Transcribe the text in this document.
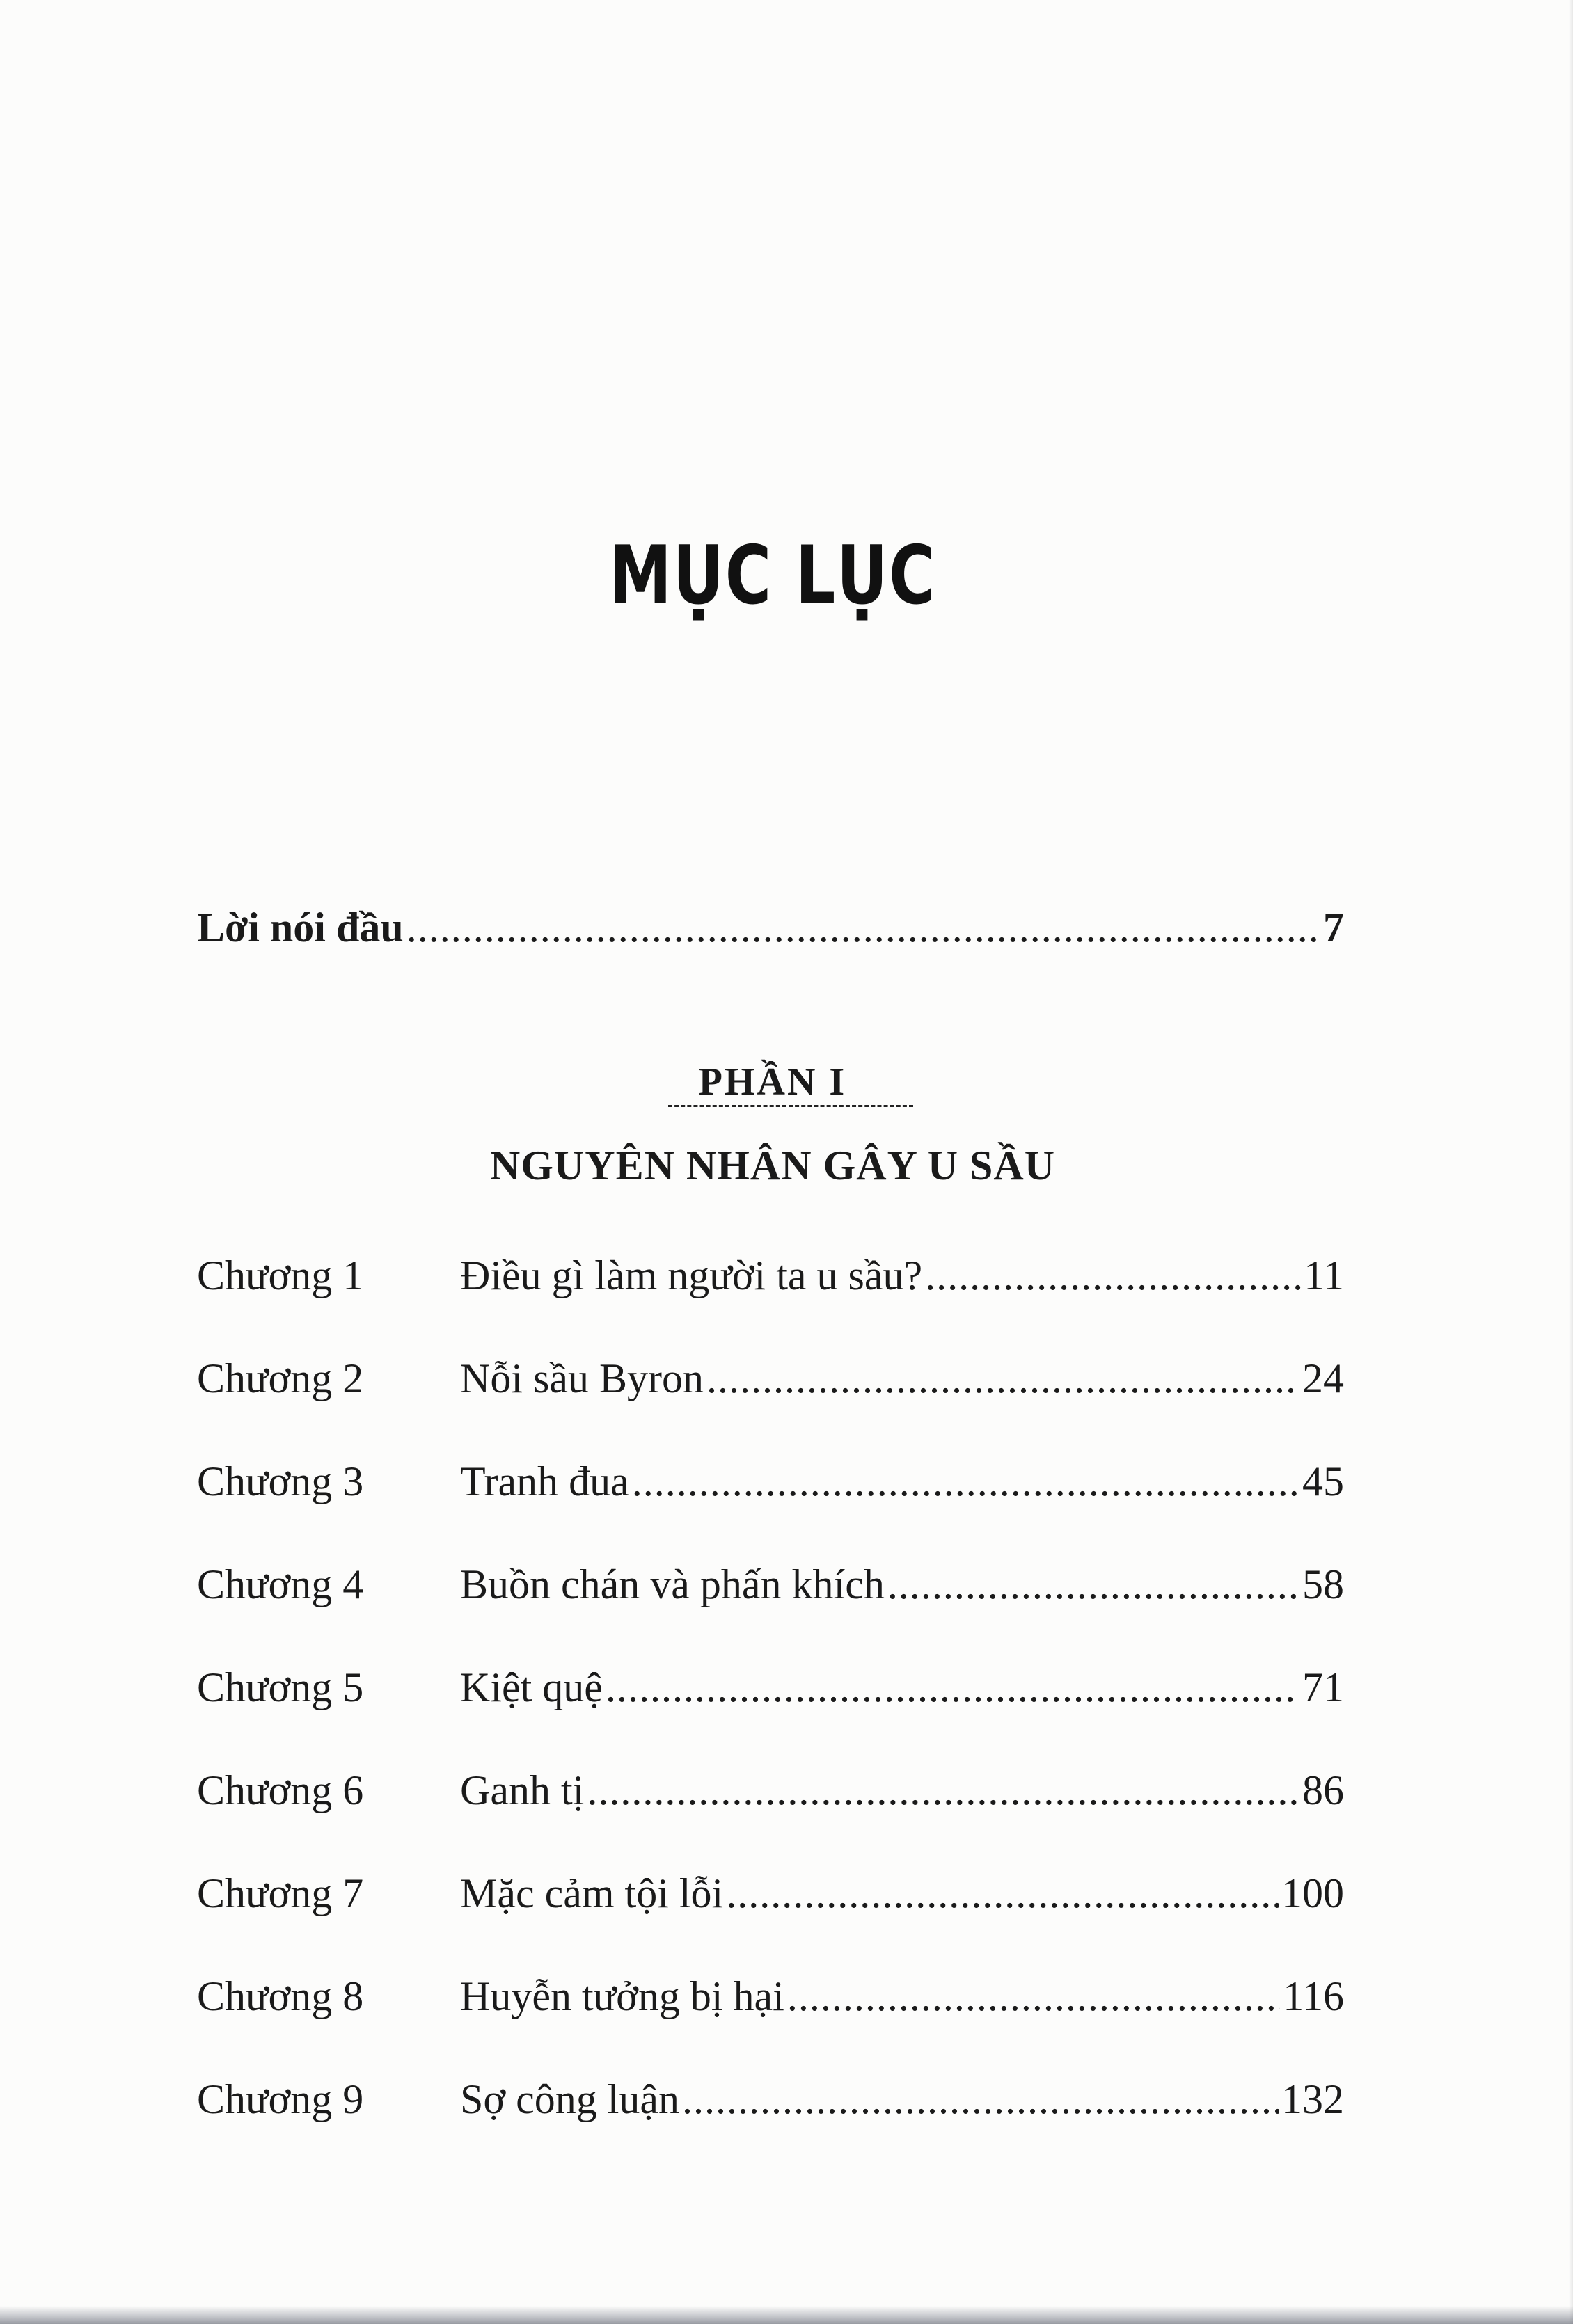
MỤC LỤC
Lời nói đầu .....	7
PHẦN I
NGUYÊN NHÂN GÂY U SẦU
Chương 1	Điều gì làm người ta u sầu? .....	11
Chương 2	Nỗi sầu Byron .....	24
Chương 3	Tranh đua .....	45
Chương 4	Buồn chán và phấn khích .....	58
Chương 5	Kiệt quệ .....	71
Chương 6	Ganh tị .....	86
Chương 7	Mặc cảm tội lỗi .....	100
Chương 8	Huyễn tưởng bị hại .....	116
Chương 9	Sợ công luận .....	132
